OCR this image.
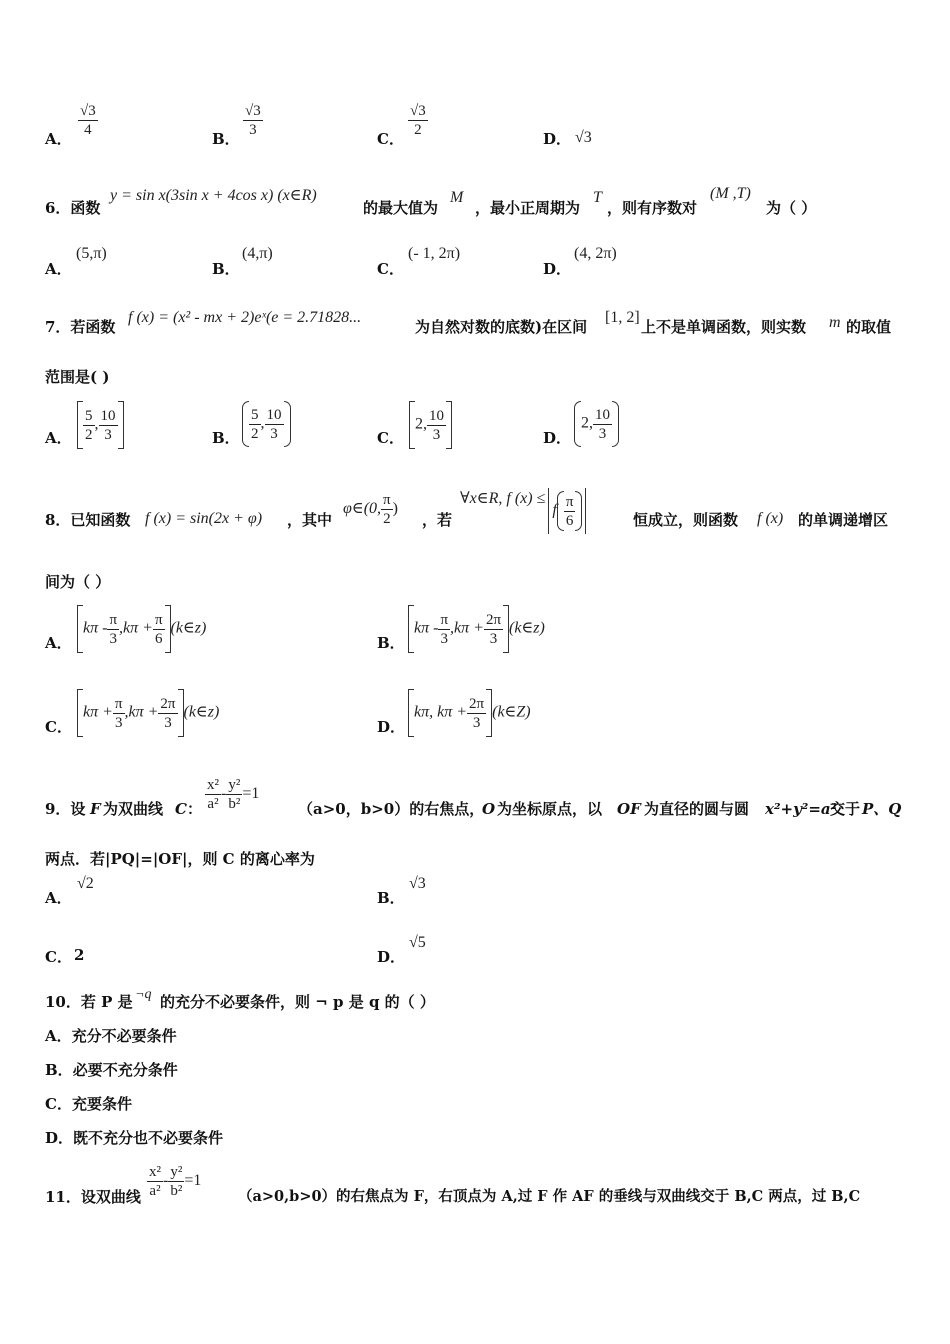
A． $\frac{√3}{4}$	B． $\frac{√3}{3}$	C． $\frac{√3}{2}$	D． √3
6．函数
y = sin x(3sin x + 4cos x) (x∈R)
的最大值为
M
，最小正周期为
T
，则有序数对
(M ,T)
为（ ）
A．
(5,π)
B．
(4,π)
C．
(- 1, 2π)
D．
(4, 2π)
7．若函数
f (x) = (x² - mx + 2)eˣ(e = 2.71828...
为自然对数的底数)在区间
[1, 2]
上不是单调函数，则实数 m 的取值
范围是( )
A． $\frac{5}{2}$ , $\frac{10}{3}$	B． $\frac{5}{2}$ , $\frac{10}{3}$	C．
2, $\frac{10}{3}$	D．
2, $\frac{10}{3}$
8．已知函数 f (x) = sin(2x + φ) ，其中
φ∈(0, $\frac{\pi}{2}$ )
，若
∀x∈R, f $(x) \le f \frac{\pi}{6}$	恒成立，则函数 f (x) 的单调递增区
间为（ ）
A．
$k\pi - \frac{\pi}{3} ,k\pi + \frac{\pi}{6}$ (k∈z)
B．
$k\pi - \frac{\pi}{3} ,k\pi + \frac{2\pi}{3}$ (k∈z)
C．
$k\pi + \frac{\pi}{3} ,k\pi + \frac{2\pi}{3}$ (k∈z)
D．
kπ, $k\pi + \frac{2\pi}{3}$ (k∈Z)
9．设 F 为双曲线 C ： $\frac{\text{x²}}{\text{a²}} - \frac{\text{y²}}{\text{b²}} =1$
（a>0，b>0）的右焦点，
O 为坐标原点，以 OF 为直径的圆与圆 x²+y²=a²
交于 P、Q
两点．若|PQ|=|OF|，则 C 的离心率为
A．
√2
B．
√3
C． 2	D．
√5
10．若 P 是 ¬q 的充分不必要条件，则 ¬ p 是 q 的（ ）
A．充分不必要条件
B．必要不充分条件
C．充要条件
D．既不充分也不必要条件
11．设双曲线 $\frac{\text{x²}}{\text{a²}} - \frac{\text{y²}}{\text{b²}} =1$
（a>0,b>0）的右焦点为 F，右顶点为 A,过 F 作 AF 的垂线与双曲线交于 B,C 两点，过 B,C
